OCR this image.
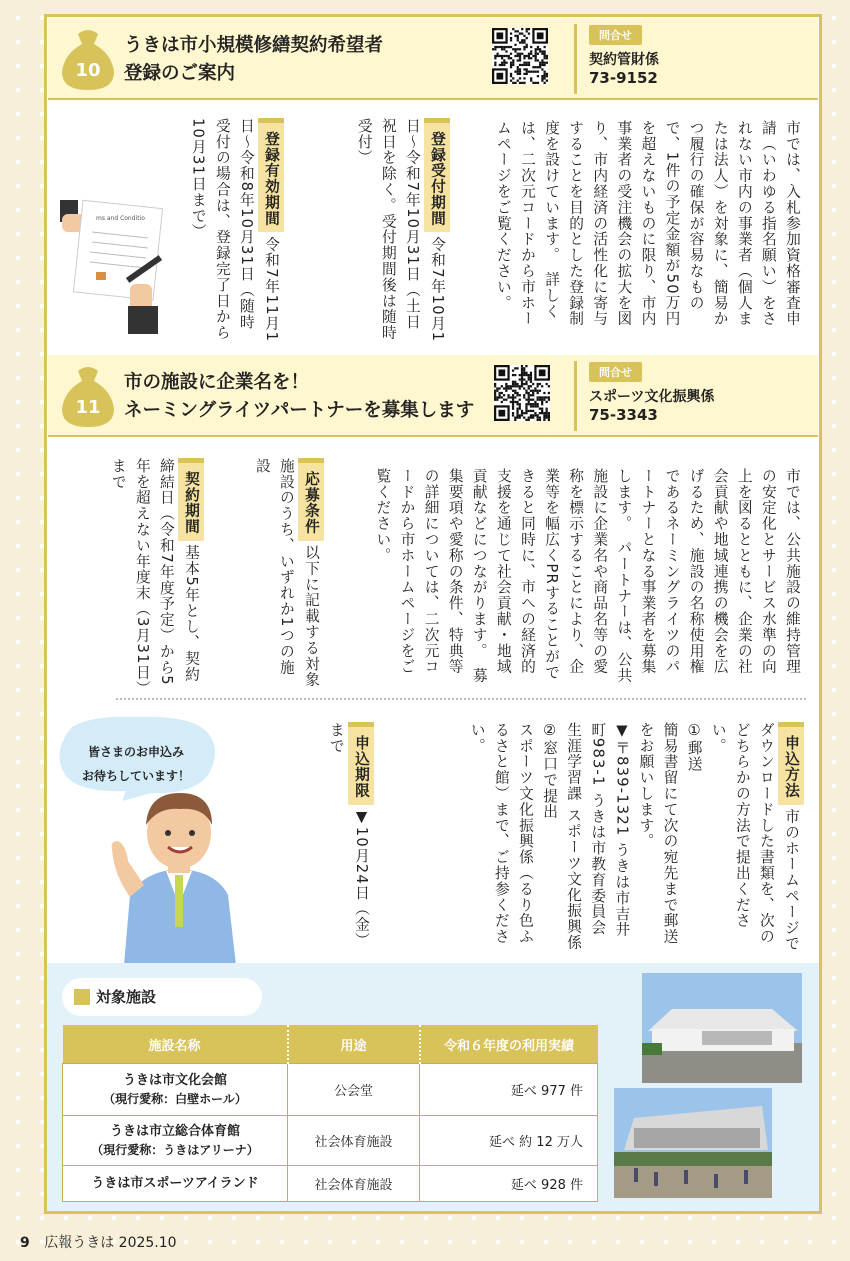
10
うきは市小規模修繕契約希望者
登録のご案内
問合せ
契約管財係
73-9152
市では、入札参加資格審査申請（いわゆる指名願い）をされない市内の事業者（個人または法人）を対象に、簡易かつ履行の確保が容易なもので、1件の予定金額が50万円を超えないものに限り、市内事業者の受注機会の拡大を図り、市内経済の活性化に寄与することを目的とした登録制度を設けています。　詳しくは、二次元コードから市ホームページをご覧ください。
登録受付期間令和7年10月1日～令和7年10月31日（土日祝日を除く。受付期間後は随時受付）
登録有効期間令和7年11月1日～令和8年10月31日（随時受付の場合は、登録完了日から10月31日まで）
ms and Conditio
11
市の施設に企業名を！
ネーミングライツパートナーを募集します
問合せ
スポーツ文化振興係
75-3343
市では、公共施設の維持管理の安定化とサービス水準の向上を図るとともに、企業の社会貢献や地域連携の機会を広げるため、施設の名称使用権であるネーミングライツのパートナーとなる事業者を募集します。　パートナーは、公共施設に企業名や商品名等の愛称を標示することにより、企業等を幅広くPRすることができると同時に、市への経済的支援を通じて社会貢献・地域貢献などにつながります。　募集要項や愛称の条件、特典等の詳細については、二次元コードから市ホームページをご覧ください。
応募条件以下に記載する対象施設のうち、いずれか1つの施設
契約期間基本5年とし、契約締結日（令和7年度予定）から5年を超えない年度末（3月31日）まで
申込方法市のホームページでダウンロードした書類を、次のどちらかの方法で提出ください。
①郵送
簡易書留にて次の宛先まで郵送をお願いします。
▼〒839-1321 うきは市吉井町983-1 うきは市教育委員会 生涯学習課 スポーツ文化振興係
②窓口で提出
スポーツ文化振興係（るり色ふるさと館）まで、ご持参ください。
申込期限▼10月24日（金）まで
皆さまのお申込み
お待ちしています！
対象施設
施設名称	用途	令和６年度の利用実績

うきは市文化会館
（現行愛称：白壁ホール）	公会堂	延べ 977 件

うきは市立総合体育館
（現行愛称：うきはアリーナ）	社会体育施設	延べ 約 12 万人

うきは市スポーツアイランド	社会体育施設	延べ 928 件
9 広報うきは 2025.10
